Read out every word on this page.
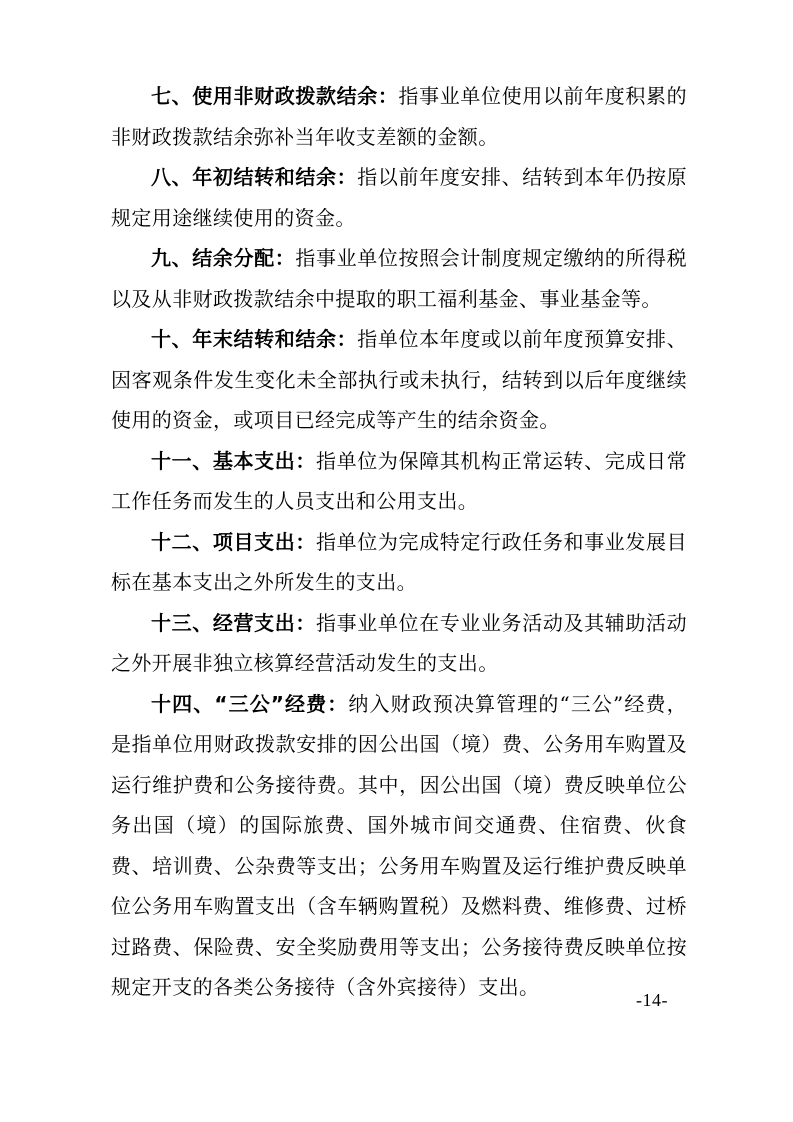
七、使用非财政拨款结余：指事业单位使用以前年度积累的非财政拨款结余弥补当年收支差额的金额。

八、年初结转和结余：指以前年度安排、结转到本年仍按原规定用途继续使用的资金。

九、结余分配：指事业单位按照会计制度规定缴纳的所得税以及从非财政拨款结余中提取的职工福利基金、事业基金等。

十、年末结转和结余：指单位本年度或以前年度预算安排、因客观条件发生变化未全部执行或未执行，结转到以后年度继续使用的资金，或项目已经完成等产生的结余资金。

十一、基本支出：指单位为保障其机构正常运转、完成日常工作任务而发生的人员支出和公用支出。

十二、项目支出：指单位为完成特定行政任务和事业发展目标在基本支出之外所发生的支出。

十三、经营支出：指事业单位在专业业务活动及其辅助活动之外开展非独立核算经营活动发生的支出。

十四、“三公”经费：纳入财政预决算管理的“三公”经费，是指单位用财政拨款安排的因公出国（境）费、公务用车购置及运行维护费和公务接待费。其中，因公出国（境）费反映单位公务出国（境）的国际旅费、国外城市间交通费、住宿费、伙食费、培训费、公杂费等支出；公务用车购置及运行维护费反映单位公务用车购置支出（含车辆购置税）及燃料费、维修费、过桥过路费、保险费、安全奖励费用等支出；公务接待费反映单位按规定开支的各类公务接待（含外宾接待）支出。

-14-
